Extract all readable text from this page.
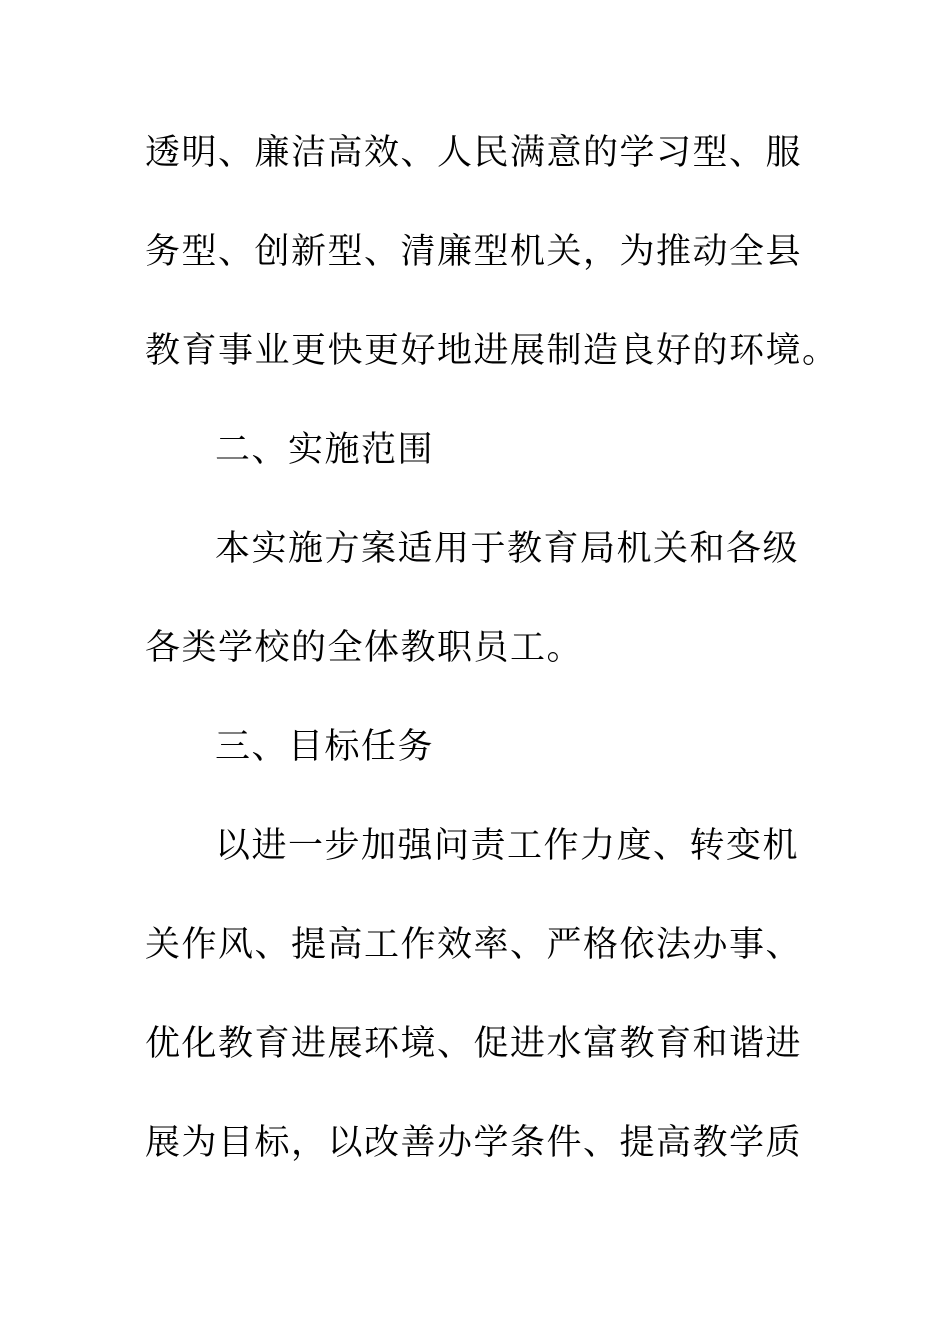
透明、廉洁高效、人民满意的学习型、服
务型、创新型、清廉型机关，为推动全县
教育事业更快更好地进展制造良好的环境。
二、实施范围
本实施方案适用于教育局机关和各级
各类学校的全体教职员工。
三、目标任务
以进一步加强问责工作力度、转变机
关作风、提高工作效率、严格依法办事、
优化教育进展环境、促进水富教育和谐进
展为目标，以改善办学条件、提高教学质
